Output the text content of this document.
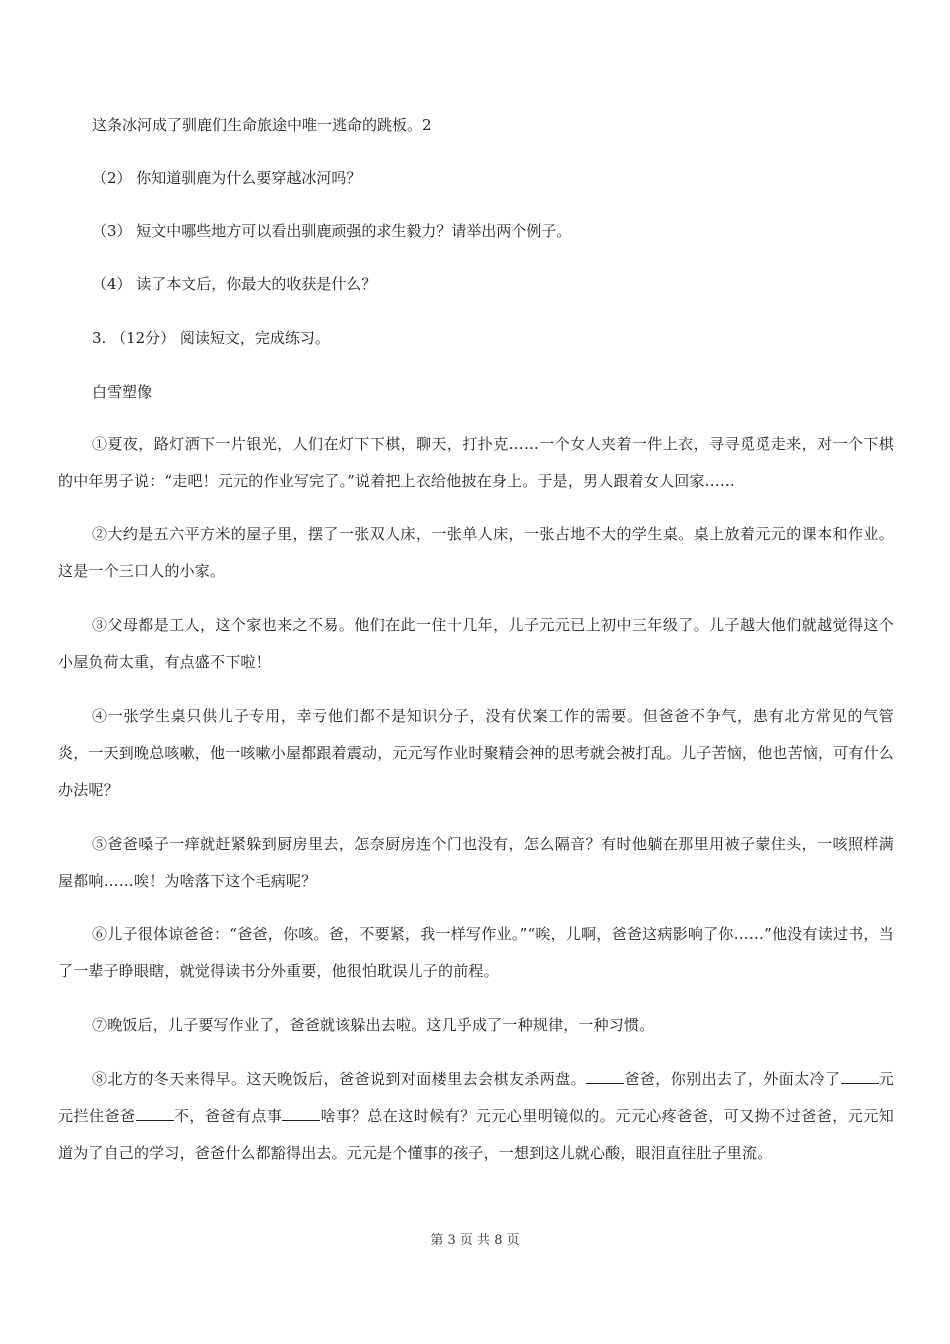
这条冰河成了驯鹿们生命旅途中唯一逃命的跳板。2
（2） 你知道驯鹿为什么要穿越冰河吗？
（3） 短文中哪些地方可以看出驯鹿顽强的求生毅力？请举出两个例子。
（4） 读了本文后，你最大的收获是什么？
3. （12分） 阅读短文，完成练习。
白雪塑像
①夏夜，路灯洒下一片银光，人们在灯下下棋，聊天，打扑克……一个女人夹着一件上衣，寻寻觅觅走来，对一个下棋的中年男子说：“走吧！元元的作业写完了。”说着把上衣给他披在身上。于是，男人跟着女人回家……
②大约是五六平方米的屋子里，摆了一张双人床，一张单人床，一张占地不大的学生桌。桌上放着元元的课本和作业。这是一个三口人的小家。
③父母都是工人，这个家也来之不易。他们在此一住十几年，儿子元元已上初中三年级了。儿子越大他们就越觉得这个小屋负荷太重，有点盛不下啦！
④一张学生桌只供儿子专用，幸亏他们都不是知识分子，没有伏案工作的需要。但爸爸不争气，患有北方常见的气管炎，一天到晚总咳嗽，他一咳嗽小屋都跟着震动，元元写作业时聚精会神的思考就会被打乱。儿子苦恼，他也苦恼，可有什么办法呢？
⑤爸爸嗓子一痒就赶紧躲到厨房里去，怎奈厨房连个门也没有，怎么隔音？有时他躺在那里用被子蒙住头，一咳照样满屋都响……唉！为啥落下这个毛病呢？
⑥儿子很体谅爸爸：“爸爸，你咳。爸，不要紧，我一样写作业。”“唉，儿啊，爸爸这病影响了你……”他没有读过书，当了一辈子睁眼瞎，就觉得读书分外重要，他很怕耽误儿子的前程。
⑦晚饭后，儿子要写作业了，爸爸就该躲出去啦。这几乎成了一种规律，一种习惯。
⑧北方的冬天来得早。这天晚饭后，爸爸说到对面楼里去会棋友杀两盘。	爸爸，你别出去了，外面太冷了	元元拦住爸爸	不，爸爸有点事	啥事？总在这时候有？元元心里明镜似的。元元心疼爸爸，可又拗不过爸爸，元元知道为了自己的学习，爸爸什么都豁得出去。元元是个懂事的孩子，一想到这儿就心酸，眼泪直往肚子里流。
第 3 页 共 8 页
